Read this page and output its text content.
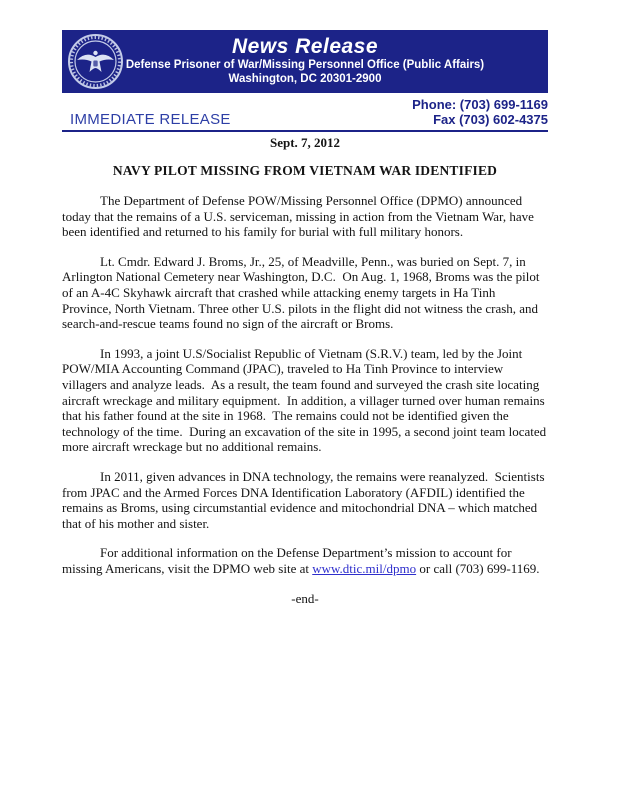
News Release
Defense Prisoner of War/Missing Personnel Office (Public Affairs)
Washington, DC 20301-2900
Phone: (703) 699-1169
IMMEDIATE RELEASE	Fax (703) 602-4375
Sept. 7, 2012
NAVY PILOT MISSING FROM VIETNAM WAR IDENTIFIED

The Department of Defense POW/Missing Personnel Office (DPMO) announced today that the remains of a U.S. serviceman, missing in action from the Vietnam War, have been identified and returned to his family for burial with full military honors.

Lt. Cmdr. Edward J. Broms, Jr., 25, of Meadville, Penn., was buried on Sept. 7, in Arlington National Cemetery near Washington, D.C.  On Aug. 1, 1968, Broms was the pilot of an A-4C Skyhawk aircraft that crashed while attacking enemy targets in Ha Tinh Province, North Vietnam. Three other U.S. pilots in the flight did not witness the crash, and search-and-rescue teams found no sign of the aircraft or Broms.

In 1993, a joint U.S/Socialist Republic of Vietnam (S.R.V.) team, led by the Joint POW/MIA Accounting Command (JPAC), traveled to Ha Tinh Province to interview villagers and analyze leads.  As a result, the team found and surveyed the crash site locating aircraft wreckage and military equipment.  In addition, a villager turned over human remains that his father found at the site in 1968.  The remains could not be identified given the technology of the time.  During an excavation of the site in 1995, a second joint team located more aircraft wreckage but no additional remains.

In 2011, given advances in DNA technology, the remains were reanalyzed.  Scientists from JPAC and the Armed Forces DNA Identification Laboratory (AFDIL) identified the remains as Broms, using circumstantial evidence and mitochondrial DNA – which matched that of his mother and sister.

For additional information on the Defense Department’s mission to account for missing Americans, visit the DPMO web site at www.dtic.mil/dpmo or call (703) 699-1169.

-end-
